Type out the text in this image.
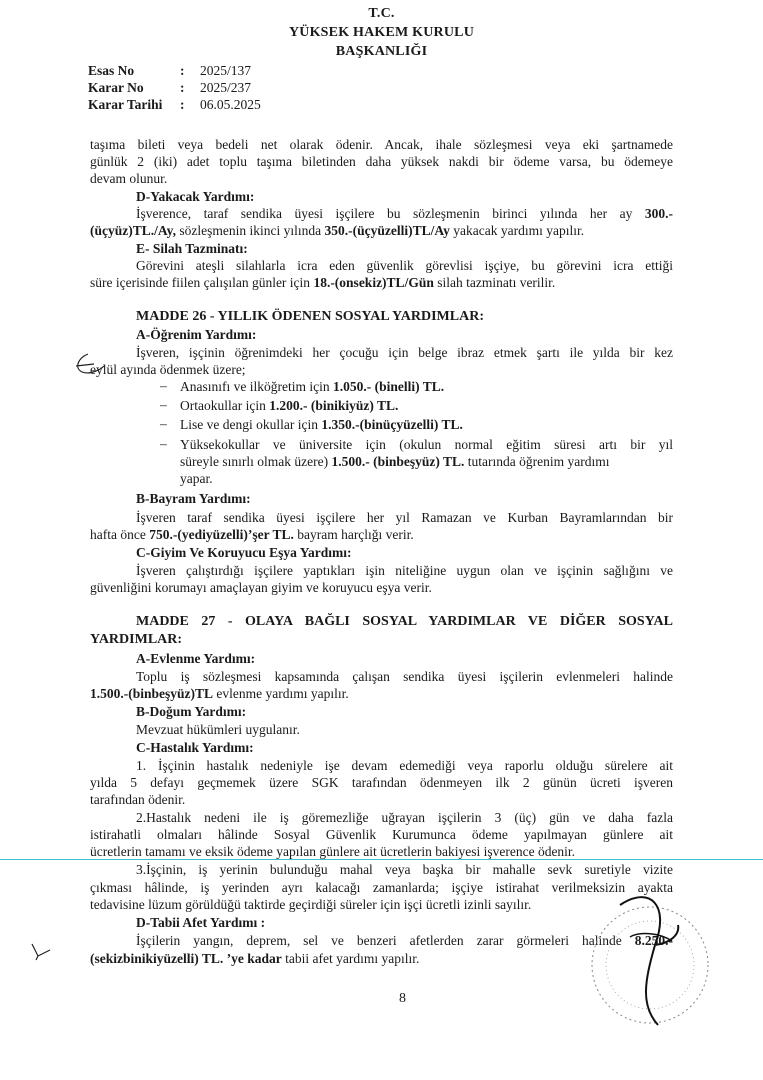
T.C.
YÜKSEK HAKEM KURULU
BAŞKANLIĞI
Esas No	: 2025/137
Karar No	: 2025/237
Karar Tarihi : 06.05.2025
taşıma bileti veya bedeli net olarak ödenir. Ancak, ihale sözleşmesi veya eki şartnamede
günlük 2 (iki) adet toplu taşıma biletinden daha yüksek nakdi bir ödeme varsa, bu ödemeye
devam olunur.
D-Yakacak Yardımı:
İşverence, taraf sendika üyesi işçilere bu sözleşmenin birinci yılında her ay 300.-
(üçyüz)TL./Ay, sözleşmenin ikinci yılında 350.-(üçyüzelli)TL/Ay yakacak yardımı yapılır.
E- Silah Tazminatı:
Görevini ateşli silahlarla icra eden güvenlik görevlisi işçiye, bu görevini icra ettiği
süre içerisinde fiilen çalışılan günler için 18.-(onsekiz)TL/Gün silah tazminatı verilir.
MADDE 26 - YILLIK ÖDENEN SOSYAL YARDIMLAR:
A-Öğrenim Yardımı:
İşveren, işçinin öğrenimdeki her çocuğu için belge ibraz etmek şartı ile yılda bir kez
eylül ayında ödenmek üzere;
– Anasınıfı ve ilköğretim için 1.050.- (binelli) TL.
– Ortaokullar için 1.200.- (binikiyüz) TL.
– Lise ve dengi okullar için 1.350.-(binüçyüzelli) TL.
– Yüksekokullar ve üniversite için (okulun normal eğitim süresi artı bir yıl
süreyle sınırlı olmak üzere) 1.500.- (binbeşyüz) TL. tutarında öğrenim yardımı
yapar.
B-Bayram Yardımı:
İşveren taraf sendika üyesi işçilere her yıl Ramazan ve Kurban Bayramlarından bir
hafta önce 750.-(yediyüzelli)’şer TL. bayram harçlığı verir.
C-Giyim Ve Koruyucu Eşya Yardımı:
İşveren çalıştırdığı işçilere yaptıkları işin niteliğine uygun olan ve işçinin sağlığını ve
güvenliğini korumayı amaçlayan giyim ve koruyucu eşya verir.
MADDE 27 - OLAYA BAĞLI SOSYAL YARDIMLAR VE DİĞER SOSYAL
YARDIMLAR:
A-Evlenme Yardımı:
Toplu iş sözleşmesi kapsamında çalışan sendika üyesi işçilerin evlenmeleri halinde
1.500.-(binbeşyüz)TL evlenme yardımı yapılır.
B-Doğum Yardımı:
Mevzuat hükümleri uygulanır.
C-Hastalık Yardımı:
1. İşçinin hastalık nedeniyle işe devam edemediği veya raporlu olduğu sürelere ait
yılda 5 defayı geçmemek üzere SGK tarafından ödenmeyen ilk 2 günün ücreti işveren
tarafından ödenir.
2.Hastalık nedeni ile iş göremezliğe uğrayan işçilerin 3 (üç) gün ve daha fazla
istirahatli olmaları hâlinde Sosyal Güvenlik Kurumunca ödeme yapılmayan günlere ait
ücretlerin tamamı ve eksik ödeme yapılan günlere ait ücretlerin bakiyesi işverence ödenir.
3.İşçinin, iş yerinin bulunduğu mahal veya başka bir mahalle sevk suretiyle vizite
çıkması hâlinde, iş yerinden ayrı kalacağı zamanlarda; işçiye istirahat verilmeksizin ayakta
tedavisine lüzum görüldüğü taktirde geçirdiği süreler için işçi ücretli izinli sayılır.
D-Tabii Afet Yardımı :
İşçilerin yangın, deprem, sel ve benzeri afetlerden zarar görmeleri halinde 8.250.-
(sekizbinikiyüzelli) TL. ’ye kadar tabii afet yardımı yapılır.
8
